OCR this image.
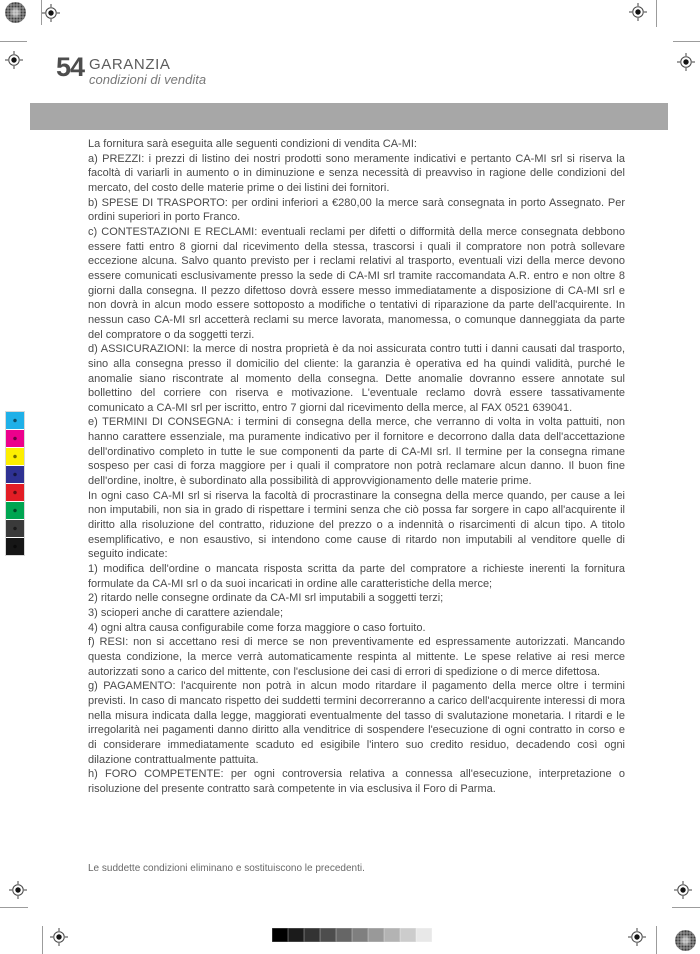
54 GARANZIA
condizioni di vendita

La fornitura sarà eseguita alle seguenti condizioni di vendita CA-MI:

a) PREZZI: i prezzi di listino dei nostri prodotti sono meramente indicativi e pertanto CA-MI srl si riserva la facoltà di variarli in aumento o in diminuzione e senza necessità di preavviso in ragione delle condizioni del mercato, del costo delle materie prime o dei listini dei fornitori.

b) SPESE DI TRASPORTO: per ordini inferiori a €280,00 la merce sarà consegnata in porto Assegnato. Per ordini superiori in porto Franco.

c) CONTESTAZIONI E RECLAMI: eventuali reclami per difetti o difformità della merce consegnata debbono essere fatti entro 8 giorni dal ricevimento della stessa, trascorsi i quali il compratore non potrà sollevare eccezione alcuna. Salvo quanto previsto per i reclami relativi al trasporto, eventuali vizi della merce devono essere comunicati esclusivamente presso la sede di CA-MI srl tramite raccomandata A.R. entro e non oltre 8 giorni dalla consegna. Il pezzo difettoso dovrà essere messo immediatamente a disposizione di CA-MI srl e non dovrà in alcun modo essere sottoposto a modifiche o tentativi di riparazione da parte dell'acquirente. In nessun caso CA-MI srl accetterà reclami su merce lavorata, manomessa, o comunque danneggiata da parte del compratore o da soggetti terzi.

d) ASSICURAZIONI: la merce di nostra proprietà è da noi assicurata contro tutti i danni causati dal trasporto, sino alla consegna presso il domicilio del cliente: la garanzia è operativa ed ha quindi validità, purché le anomalie siano riscontrate al momento della consegna. Dette anomalie dovranno essere annotate sul bollettino del corriere con riserva e motivazione. L'eventuale reclamo dovrà essere tassativamente comunicato a CA-MI srl per iscritto, entro 7 giorni dal ricevimento della merce, al FAX 0521 639041.

e) TERMINI DI CONSEGNA: i termini di consegna della merce, che verranno di volta in volta pattuiti, non hanno carattere essenziale, ma puramente indicativo per il fornitore e decorrono dalla data dell'accettazione dell'ordinativo completo in tutte le sue componenti da parte di CA-MI srl. Il termine per la consegna rimane sospeso per casi di forza maggiore per i quali il compratore non potrà reclamare alcun danno. Il buon fine dell'ordine, inoltre, è subordinato alla possibilità di approvvigionamento delle materie prime.

In ogni caso CA-MI srl si riserva la facoltà di procrastinare la consegna della merce quando, per cause a lei non imputabili, non sia in grado di rispettare i termini senza che ciò possa far sorgere in capo all'acquirente il diritto alla risoluzione del contratto, riduzione del prezzo o a indennità o risarcimenti di alcun tipo. A titolo esemplificativo, e non esaustivo, si intendono come cause di ritardo non imputabili al venditore quelle di seguito indicate:

1) modifica dell'ordine o mancata risposta scritta da parte del compratore a richieste inerenti la fornitura formulate da CA-MI srl o da suoi incaricati in ordine alle caratteristiche della merce;

2) ritardo nelle consegne ordinate da CA-MI srl imputabili a soggetti terzi;

3) scioperi anche di carattere aziendale;

4) ogni altra causa configurabile come forza maggiore o caso fortuito.

f) RESI: non si accettano resi di merce se non preventivamente ed espressamente autorizzati. Mancando questa condizione, la merce verrà automaticamente respinta al mittente. Le spese relative ai resi merce autorizzati sono a carico del mittente, con l'esclusione dei casi di errori di spedizione o di merce difettosa.

g) PAGAMENTO: l'acquirente non potrà in alcun modo ritardare il pagamento della merce oltre i termini previsti. In caso di mancato rispetto dei suddetti termini decorreranno a carico dell'acquirente interessi di mora nella misura indicata dalla legge, maggiorati eventualmente del tasso di svalutazione monetaria. I ritardi e le irregolarità nei pagamenti danno diritto alla venditrice di sospendere l'esecuzione di ogni contratto in corso e di considerare immediatamente scaduto ed esigibile l'intero suo credito residuo, decadendo così ogni dilazione contrattualmente pattuita.

h) FORO COMPETENTE: per ogni controversia relativa a connessa all'esecuzione, interpretazione o risoluzione del presente contratto sarà competente in via esclusiva il Foro di Parma.

Le suddette condizioni eliminano e sostituiscono le precedenti.
